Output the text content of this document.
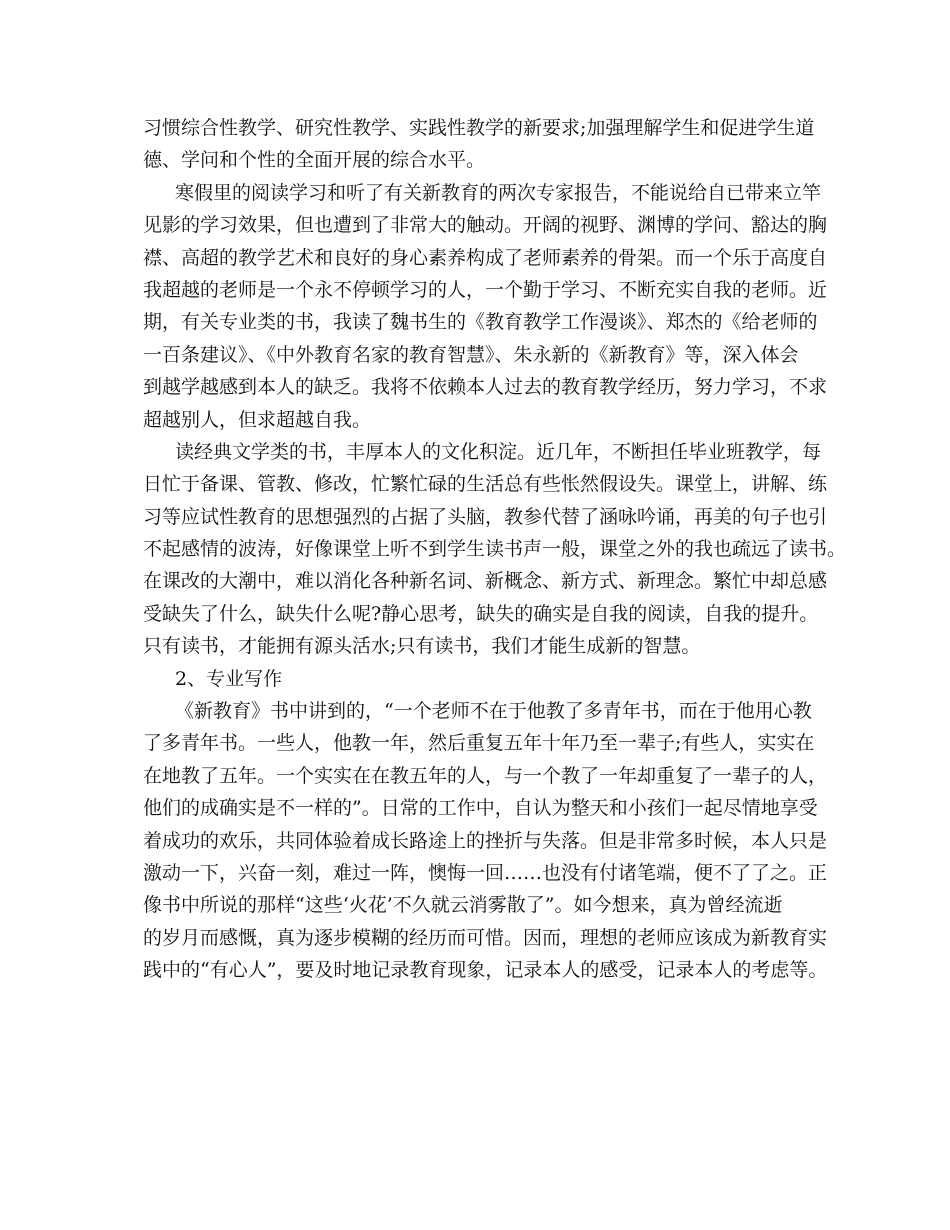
习惯综合性教学、研究性教学、实践性教学的新要求;加强理解学生和促进学生道
德、学问和个性的全面开展的综合水平。
寒假里的阅读学习和听了有关新教育的两次专家报告，不能说给自已带来立竿
见影的学习效果，但也遭到了非常大的触动。开阔的视野、渊博的学问、豁达的胸
襟、高超的教学艺术和良好的身心素养构成了老师素养的骨架。而一个乐于高度自
我超越的老师是一个永不停顿学习的人，一个勤于学习、不断充实自我的老师。近
期，有关专业类的书，我读了魏书生的《教育教学工作漫谈》、郑杰的《给老师的
一百条建议》、《中外教育名家的教育智慧》、朱永新的《新教育》等，深入体会
到越学越感到本人的缺乏。我将不依赖本人过去的教育教学经历，努力学习，不求
超越别人，但求超越自我。
读经典文学类的书，丰厚本人的文化积淀。近几年，不断担任毕业班教学，每
日忙于备课、管教、修改，忙繁忙碌的生活总有些怅然假设失。课堂上，讲解、练
习等应试性教育的思想强烈的占据了头脑，教参代替了涵咏吟诵，再美的句子也引
不起感情的波涛，好像课堂上听不到学生读书声一般，课堂之外的我也疏远了读书。
在课改的大潮中，难以消化各种新名词、新概念、新方式、新理念。繁忙中却总感
受缺失了什么，缺失什么呢?静心思考，缺失的确实是自我的阅读，自我的提升。
只有读书，才能拥有源头活水;只有读书，我们才能生成新的智慧。
2、专业写作
《新教育》书中讲到的，“一个老师不在于他教了多青年书，而在于他用心教
了多青年书。一些人，他教一年，然后重复五年十年乃至一辈子;有些人，实实在
在地教了五年。一个实实在在教五年的人，与一个教了一年却重复了一辈子的人，
他们的成确实是不一样的”。日常的工作中，自认为整天和小孩们一起尽情地享受
着成功的欢乐，共同体验着成长路途上的挫折与失落。但是非常多时候，本人只是
激动一下，兴奋一刻，难过一阵，懊悔一回……也没有付诸笔端，便不了了之。正
像书中所说的那样“这些‘火花’不久就云消雾散了”。如今想来，真为曾经流逝
的岁月而感慨，真为逐步模糊的经历而可惜。因而，理想的老师应该成为新教育实
践中的“有心人”，要及时地记录教育现象，记录本人的感受，记录本人的考虑等。
